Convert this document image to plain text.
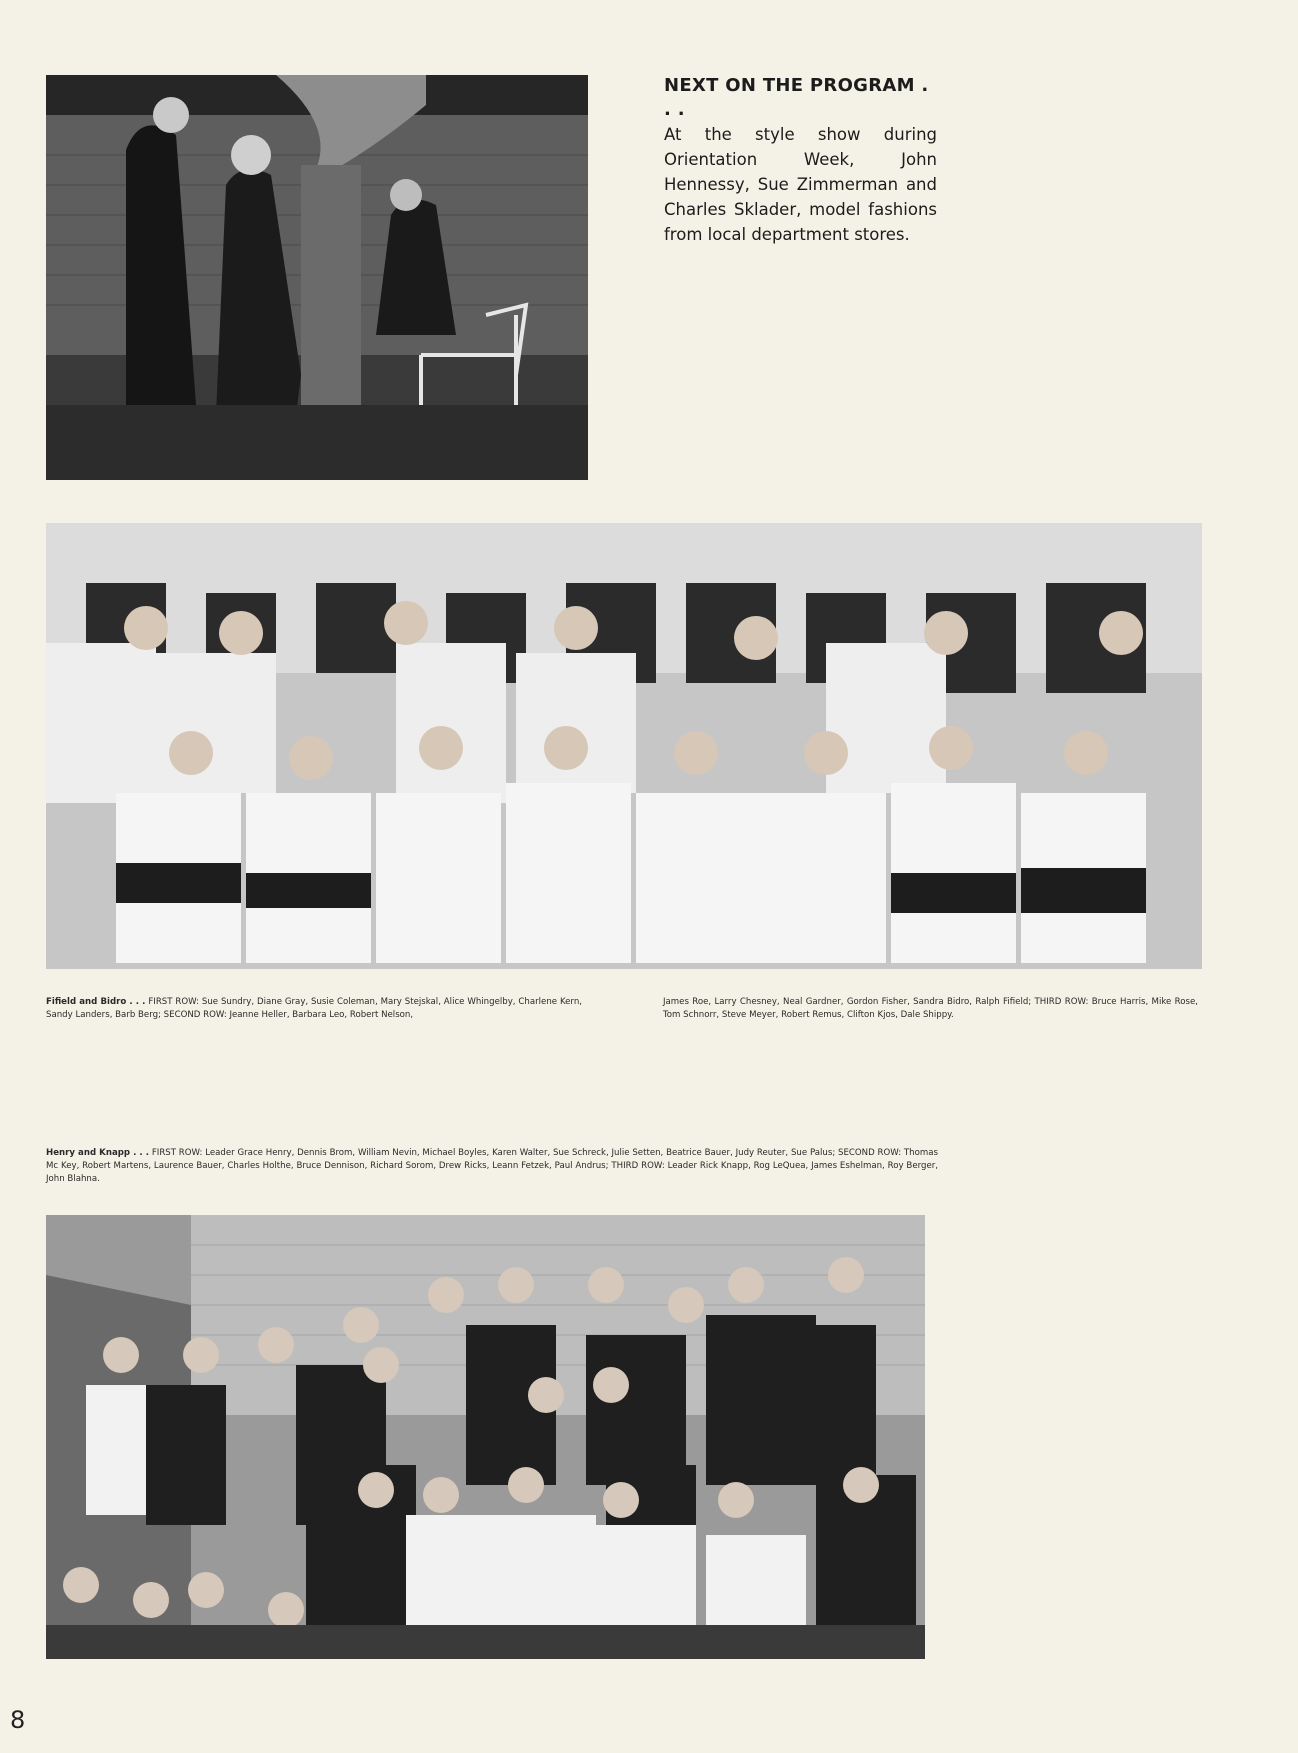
NEXT ON THE PROGRAM . . .
At the style show during Orientation Week, John Hennessy, Sue Zimmerman and Charles Sklader, model fashions from local department stores.
Fifield and Bidro . . . FIRST ROW: Sue Sundry, Diane Gray, Susie Coleman, Mary Stejskal, Alice Whingelby, Charlene Kern, Sandy Landers, Barb Berg; SECOND ROW: Jeanne Heller, Barbara Leo, Robert Nelson,
James Roe, Larry Chesney, Neal Gardner, Gordon Fisher, Sandra Bidro, Ralph Fifield; THIRD ROW: Bruce Harris, Mike Rose, Tom Schnorr, Steve Meyer, Robert Remus, Clifton Kjos, Dale Shippy.
Henry and Knapp . . . FIRST ROW: Leader Grace Henry, Dennis Brom, William Nevin, Michael Boyles, Karen Walter, Sue Schreck, Julie Setten, Beatrice Bauer, Judy Reuter, Sue Palus; SECOND ROW: Thomas Mc Key, Robert Martens, Laurence Bauer, Charles Holthe, Bruce Dennison, Richard Sorom, Drew Ricks, Leann Fetzek, Paul Andrus; THIRD ROW: Leader Rick Knapp, Rog LeQuea, James Eshelman, Roy Berger, John Blahna.
8
